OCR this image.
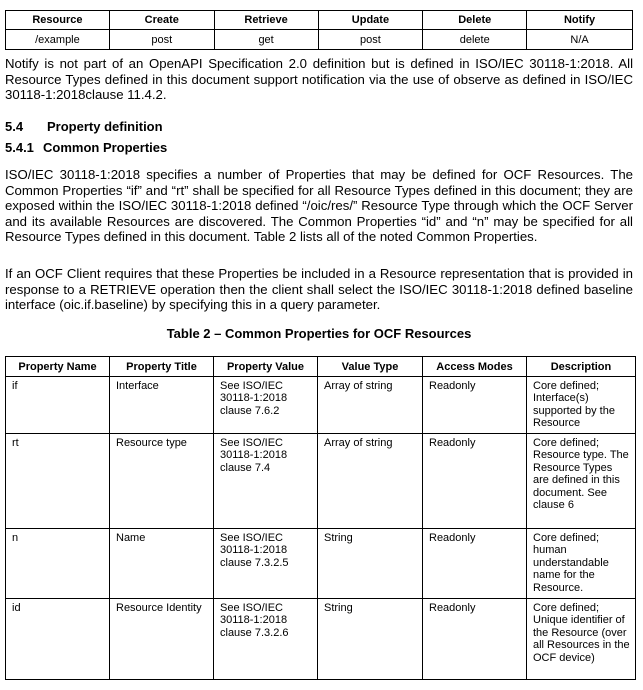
Resource	Create	Retrieve	Update	Delete	Notify
/example	post	get	post	delete	N/A

Notify is not part of an OpenAPI Specification 2.0 definition but is defined in ISO/IEC 30118-1:2018. All Resource Types defined in this document support notification via the use of observe as defined in ISO/IEC 30118-1:2018clause 11.4.2.

5.4 Property definition
5.4.1 Common Properties

ISO/IEC 30118-1:2018 specifies a number of Properties that may be defined for OCF Resources. The Common Properties “if” and “rt” shall be specified for all Resource Types defined in this document; they are exposed within the ISO/IEC 30118-1:2018 defined “/oic/res/” Resource Type through which the OCF Server and its available Resources are discovered. The Common Properties “id” and “n” may be specified for all Resource Types defined in this document. Table 2 lists all of the noted Common Properties.

If an OCF Client requires that these Properties be included in a Resource representation that is provided in response to a RETRIEVE operation then the client shall select the ISO/IEC 30118-1:2018 defined baseline interface (oic.if.baseline) by specifying this in a query parameter.

Table 2 – Common Properties for OCF Resources

Property Name	Property Title	Property Value	Value Type	Access Modes	Description
if	Interface	See ISO/IEC 30118-1:2018 clause 7.6.2	Array of string	Readonly	Core defined; Interface(s) supported by the Resource
rt	Resource type	See ISO/IEC 30118-1:2018 clause 7.4	Array of string	Readonly	Core defined; Resource type. The Resource Types are defined in this document. See clause 6
n	Name	See ISO/IEC 30118-1:2018 clause 7.3.2.5	String	Readonly	Core defined; human understandable name for the Resource.
id	Resource Identity	See ISO/IEC 30118-1:2018 clause 7.3.2.6	String	Readonly	Core defined; Unique identifier of the Resource (over all Resources in the OCF device)
